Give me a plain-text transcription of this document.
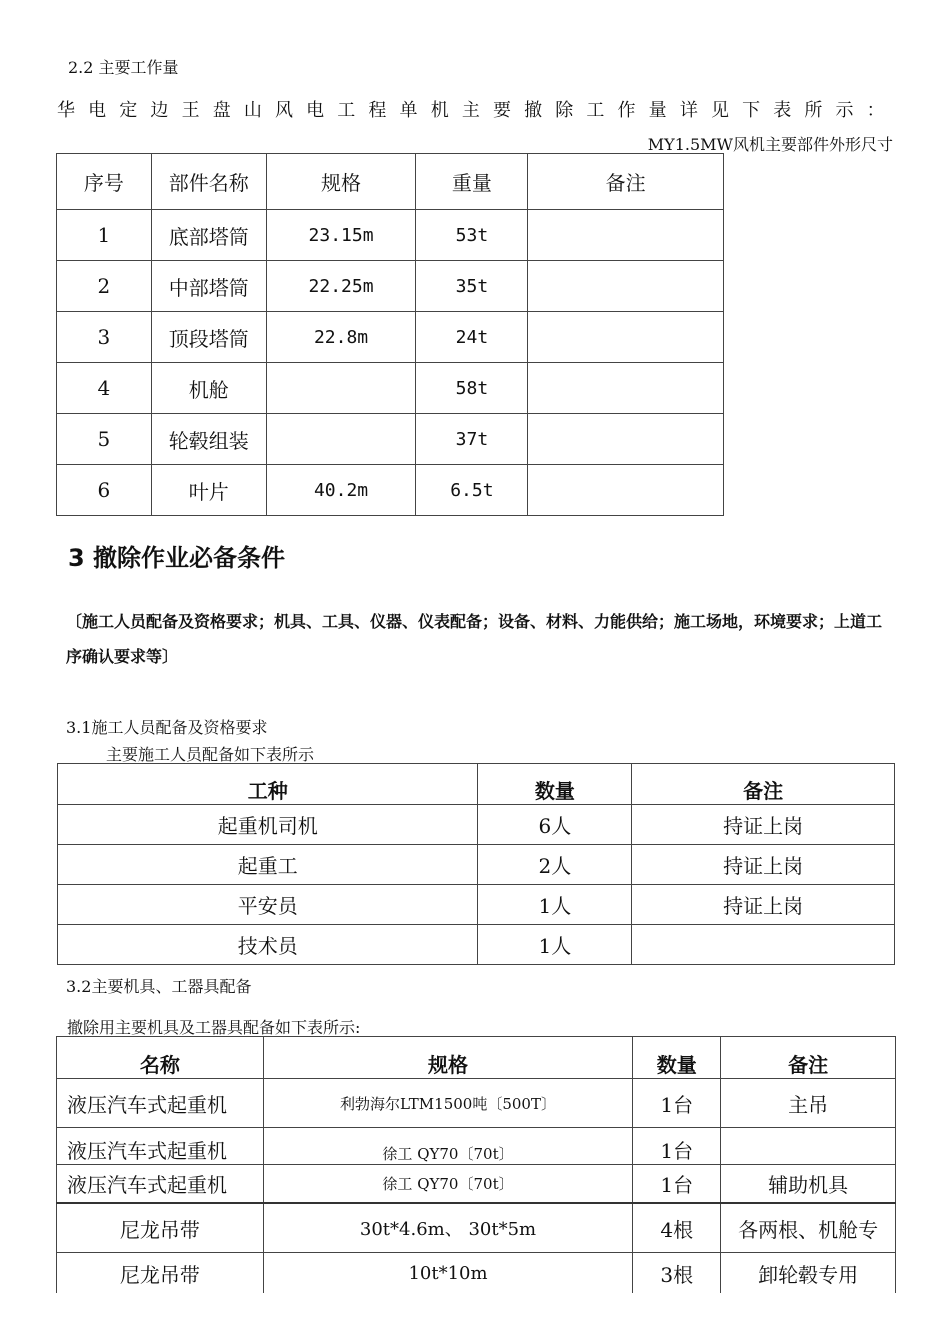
2.2 主要工作量
华 电 定 边 王 盘 山 风 电 工 程 单 机 主 要 撤 除 工 作 量 详 见 下 表 所 示 ：
MY1.5MW风机主要部件外形尺寸
序号	部件名称	规格	重量	备注
1	底部塔筒	23.15m	53t	
2	中部塔筒	22.25m	35t	
3	顶段塔筒	22.8m	24t	
4	机舱		58t	
5	轮毂组装		37t	
6	叶片	40.2m	6.5t	
3 撤除作业必备条件
〔施工人员配备及资格要求；机具、工具、仪器、仪表配备；设备、材料、力能供给；施工场地，环境要求；上道工序确认要求等〕
3.1施工人员配备及资格要求
主要施工人员配备如下表所示
工种	数量	备注
起重机司机	6人	持证上岗
起重工	2人	持证上岗
平安员	1人	持证上岗
技术员	1人	
3.2主要机具、工器具配备
撤除用主要机具及工器具配备如下表所示:
名称	规格	数量	备注
液压汽车式起重机	利勃海尔LTM1500吨〔500T〕	1台	主吊
液压汽车式起重机	徐工 QY70〔70t〕	1台	
液压汽车式起重机	徐工 QY70〔70t〕	1台	辅助机具
尼龙吊带	30t*4.6m、 30t*5m	4根	各两根、机舱专
尼龙吊带	10t*10m	3根	卸轮毂专用
